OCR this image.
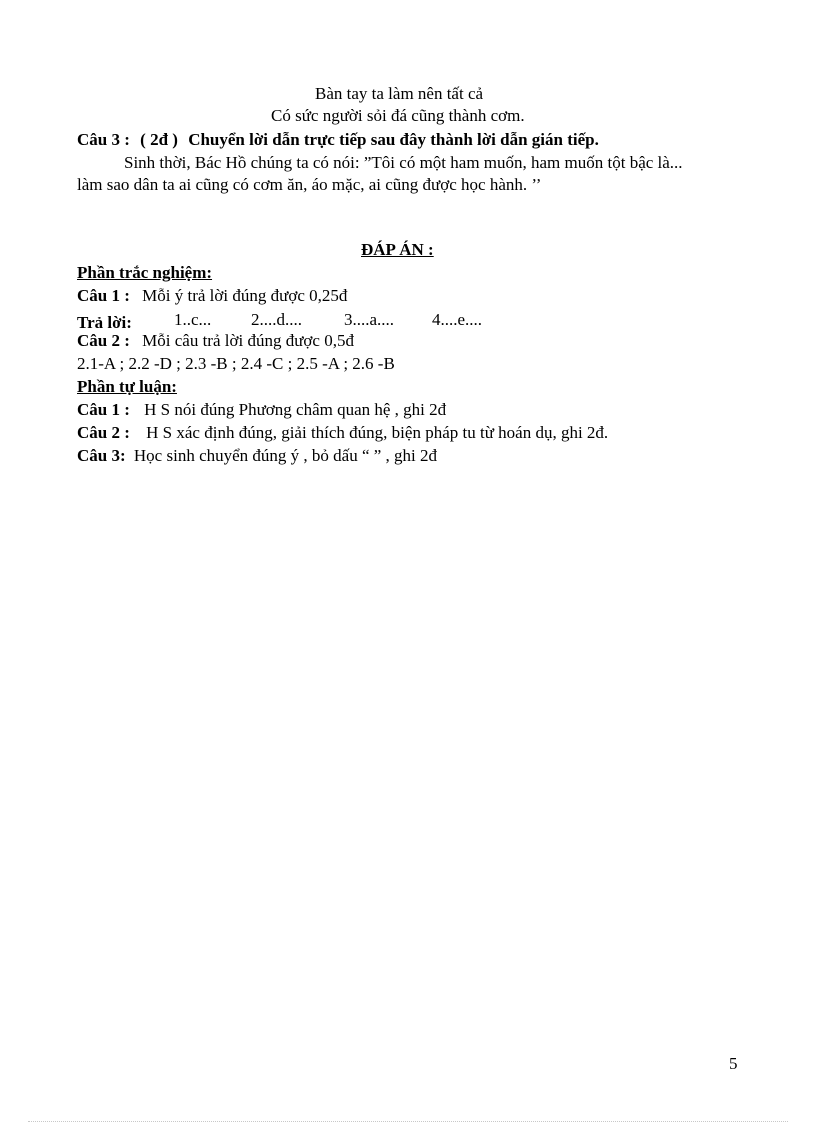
Bàn tay ta làm nên tất cả
Có sức người sỏi đá cũng thành cơm.
Câu 3 : ( 2đ ) Chuyển lời dẫn trực tiếp sau đây thành lời dẫn gián tiếp.
Sinh thời, Bác Hồ chúng ta có nói: ”Tôi có một ham muốn, ham muốn tột bậc là...
làm sao dân ta ai cũng có cơm ăn, áo mặc, ai cũng được học hành. ’’
ĐÁP ÁN :
Phần trắc nghiệm:
Câu 1 : Mỗi ý trả lời đúng được 0,25đ
Trả lời: 1..c... 2....d.... 3....a.... 4....e....
Câu 2 : Mỗi câu trả lời đúng được 0,5đ
2.1-A ; 2.2 -D ; 2.3 -B ; 2.4 -C ; 2.5 -A ; 2.6 -B
Phần tự luận:
Câu 1 : H S nói đúng Phương châm quan hệ , ghi 2đ
Câu 2 : H S xác định đúng, giải thích đúng, biện pháp tu từ hoán dụ, ghi 2đ.
Câu 3: Học sinh chuyển đúng ý , bỏ dấu “ ” , ghi 2đ
5
